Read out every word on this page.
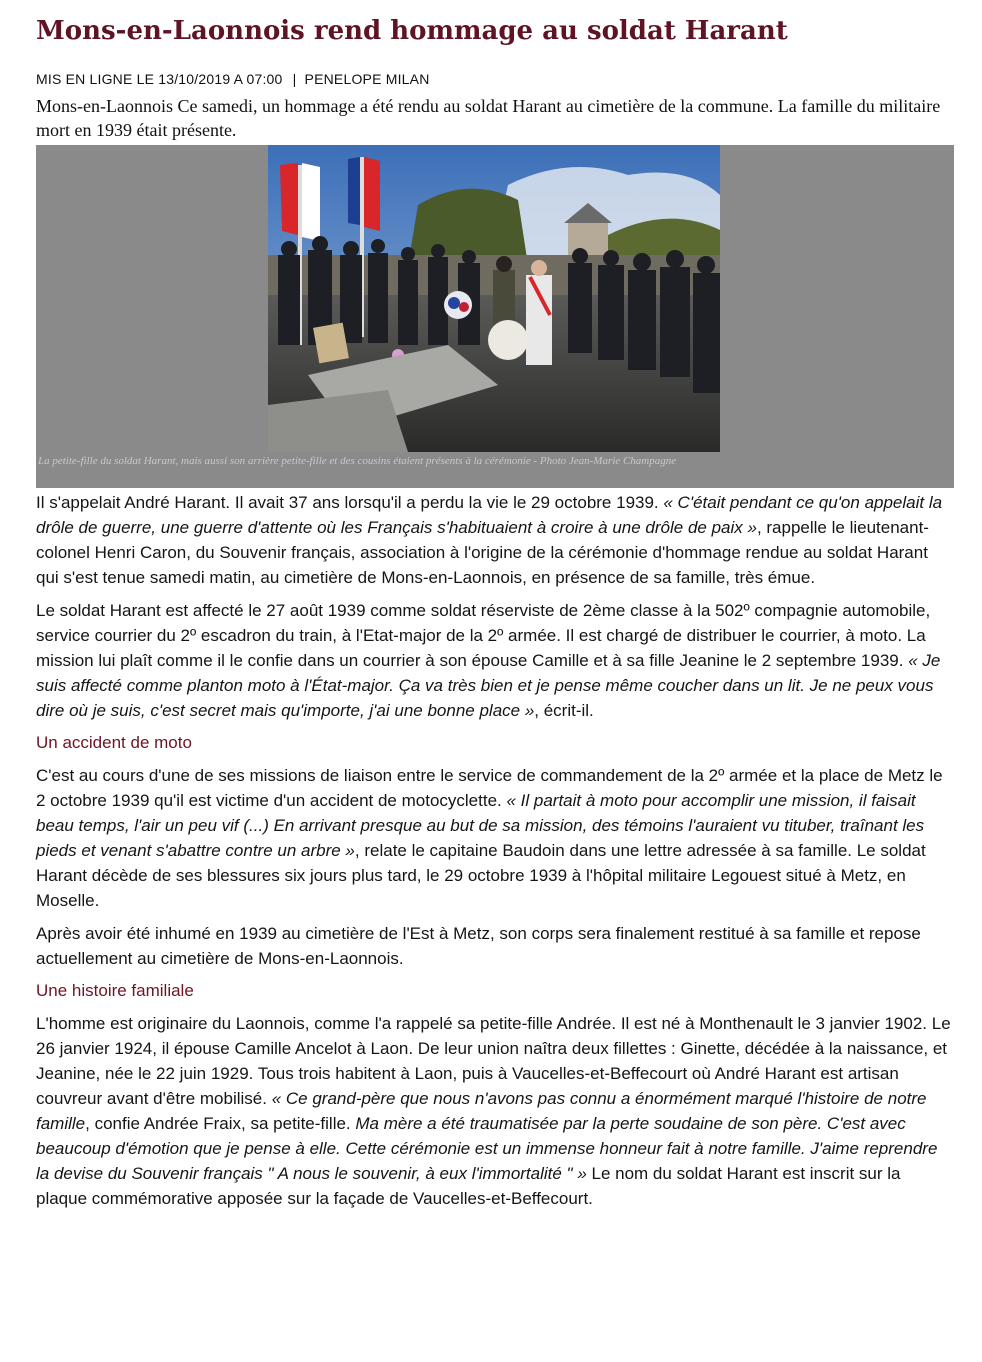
Mons-en-Laonnois rend hommage au soldat Harant
MIS EN LIGNE LE 13/10/2019 A 07:00 | PENELOPE MILAN
Mons-en-Laonnois Ce samedi, un hommage a été rendu au soldat Harant au cimetière de la commune. La famille du militaire mort en 1939 était présente.
La petite-fille du soldat Harant, mais aussi son arrière petite-fille et des cousins étaient présents à la cérémonie - Photo Jean-Marie Champagne

Il s'appelait André Harant. Il avait 37 ans lorsqu'il a perdu la vie le 29 octobre 1939. « C'était pendant ce qu'on appelait la drôle de guerre, une guerre d'attente où les Français s'habituaient à croire à une drôle de paix », rappelle le lieutenant-colonel Henri Caron, du Souvenir français, association à l'origine de la cérémonie d'hommage rendue au soldat Harant qui s'est tenue samedi matin, au cimetière de Mons-en-Laonnois, en présence de sa famille, très émue.

Le soldat Harant est affecté le 27 août 1939 comme soldat réserviste de 2ème classe à la 502º compagnie automobile, service courrier du 2º escadron du train, à l'Etat-major de la 2º armée. Il est chargé de distribuer le courrier, à moto. La mission lui plaît comme il le confie dans un courrier à son épouse Camille et à sa fille Jeanine le 2 septembre 1939. « Je suis affecté comme planton moto à l'État-major. Ça va très bien et je pense même coucher dans un lit. Je ne peux vous dire où je suis, c'est secret mais qu'importe, j'ai une bonne place », écrit-il.

Un accident de moto

C'est au cours d'une de ses missions de liaison entre le service de commandement de la 2º armée et la place de Metz le 2 octobre 1939 qu'il est victime d'un accident de motocyclette. « Il partait à moto pour accomplir une mission, il faisait beau temps, l'air un peu vif (...) En arrivant presque au but de sa mission, des témoins l'auraient vu tituber, traînant les pieds et venant s'abattre contre un arbre », relate le capitaine Baudoin dans une lettre adressée à sa famille. Le soldat Harant décède de ses blessures six jours plus tard, le 29 octobre 1939 à l'hôpital militaire Legouest situé à Metz, en Moselle.

Après avoir été inhumé en 1939 au cimetière de l'Est à Metz, son corps sera finalement restitué à sa famille et repose actuellement au cimetière de Mons-en-Laonnois.

Une histoire familiale

L'homme est originaire du Laonnois, comme l'a rappelé sa petite-fille Andrée. Il est né à Monthenault le 3 janvier 1902. Le 26 janvier 1924, il épouse Camille Ancelot à Laon. De leur union naîtra deux fillettes : Ginette, décédée à la naissance, et Jeanine, née le 22 juin 1929. Tous trois habitent à Laon, puis à Vaucelles-et-Beffecourt où André Harant est artisan couvreur avant d'être mobilisé. « Ce grand-père que nous n'avons pas connu a énormément marqué l'histoire de notre famille, confie Andrée Fraix, sa petite-fille. Ma mère a été traumatisée par la perte soudaine de son père. C'est avec beaucoup d'émotion que je pense à elle. Cette cérémonie est un immense honneur fait à notre famille. J'aime reprendre la devise du Souvenir français " A nous le souvenir, à eux l'immortalité " » Le nom du soldat Harant est inscrit sur la plaque commémorative apposée sur la façade de Vaucelles-et-Beffecourt.
